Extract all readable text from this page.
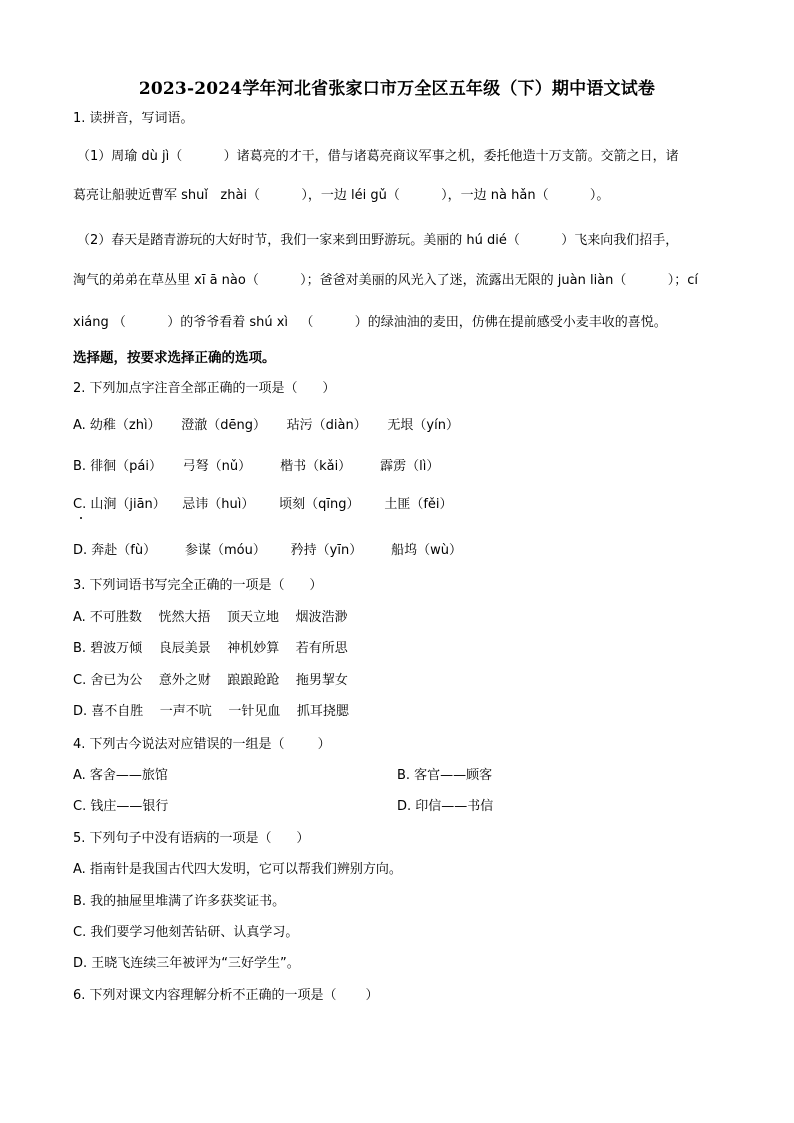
2023-2024学年河北省张家口市万全区五年级（下）期中语文试卷
1. 读拼音，写词语。
（1）周瑜 dù jì（          ）诸葛亮的才干，借与诸葛亮商议军事之机，委托他造十万支箭。交箭之日，诸
葛亮让船驶近曹军 shuǐ   zhài（          ），一边 léi gǔ（          ），一边 nà hǎn（          ）。
（2）春天是踏青游玩的大好时节，我们一家来到田野游玩。美丽的 hú dié（          ）飞来向我们招手，
淘气的弟弟在草丛里 xī ā nào（          ）；爸爸对美丽的风光入了迷，流露出无限的 juàn liàn（          ）；cí
xiáng （          ）的爷爷看着 shú xì   （          ）的绿油油的麦田，仿佛在提前感受小麦丰收的喜悦。
选择题，按要求选择正确的选项。
2. 下列加点字注音全部正确的一项是（      ）
A. 幼稚（zhì）     澄澈（dēng）     玷污（diàn）     无垠（yín）
B. 徘徊（pái）     弓弩（nǔ）       楷书（kǎi）       霹雳（lì）
C. 山涧（jiān）    忌讳（huì）      顷刻（qīng）      土匪（fěi）
D. 奔赴（fù）       参谋（móu）      矜持（yīn）       船坞（wù）
3. 下列词语书写完全正确的一项是（      ）
A. 不可胜数    恍然大捂    顶天立地    烟波浩渺
B. 碧波万倾    良辰美景    神机妙算    若有所思
C. 舍已为公    意外之财    踉踉跄跄    拖男挈女
D. 喜不自胜    一声不吭    一针见血    抓耳挠腮
4. 下列古今说法对应错误的一组是（        ）
A. 客舍——旅馆	B. 客官——顾客
C. 钱庄——银行	D. 印信——书信
5. 下列句子中没有语病的一项是（      ）
A. 指南针是我国古代四大发明，它可以帮我们辨别方向。
B. 我的抽屉里堆满了许多获奖证书。
C. 我们要学习他刻苦钻研、认真学习。
D. 王晓飞连续三年被评为“三好学生”。
6. 下列对课文内容理解分析不正确的一项是（       ）
